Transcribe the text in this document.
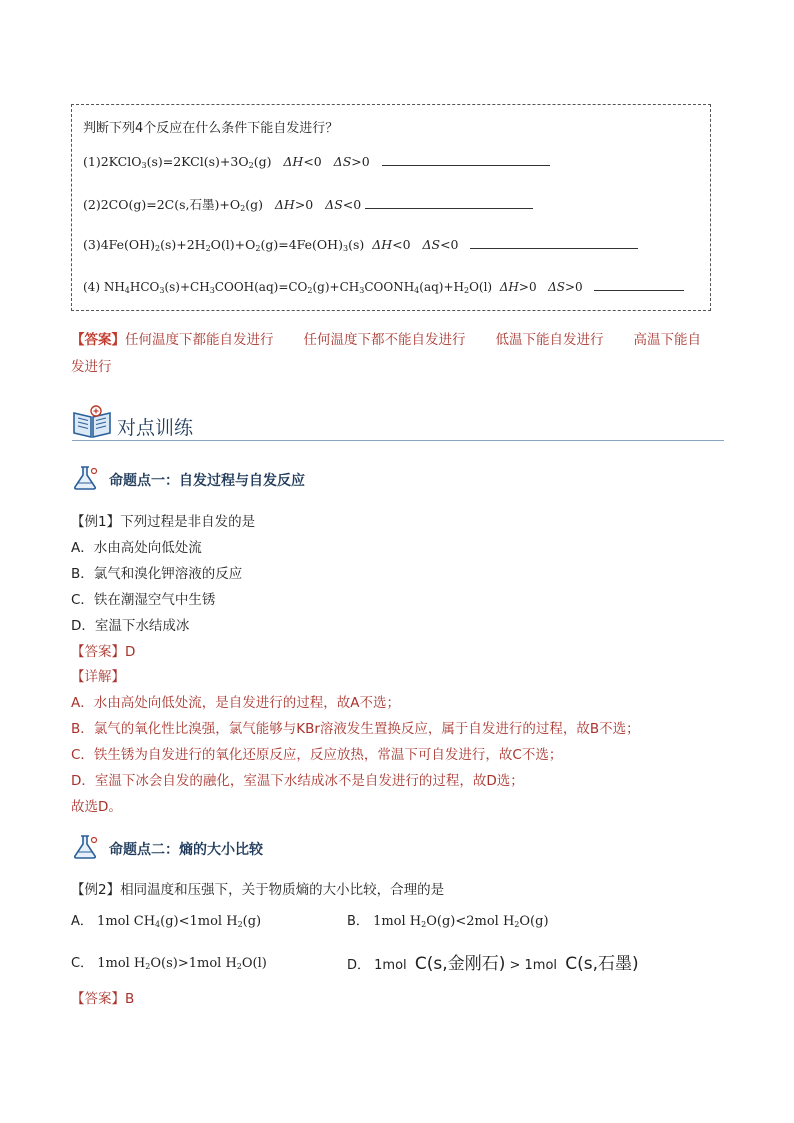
判断下列4个反应在什么条件下能自发进行？
$(1)2KClO_3(s)=2KCl(s)+3O_2(g)$ ΔH<0 ΔS>0
(2)2CO(g)=2C(s,石墨)$+O_2(g)$ ΔH>0 ΔS<0
$(3)4Fe(OH)_2(s)+2H_2O(l)+O_2(g)=4Fe(OH)_3(s)$ ΔH<0 ΔS<0
(4) $NH_4HCO_3(s)+CH_3COOH(aq)=CO_2(g)+CH_3COONH_4(aq)+H_2O(l)$ ΔH>0 ΔS>0
【答案】任何温度下都能自发进行 任何温度下都不能自发进行 低温下能自发进行 高温下能自
发进行
对点训练
命题点一：自发过程与自发反应
【例1】下列过程是非自发的是
A．水由高处向低处流
B．氯气和溴化钾溶液的反应
C．铁在潮湿空气中生锈
D．室温下水结成冰
【答案】D
【详解】
A．水由高处向低处流，是自发进行的过程，故A不选；
B．氯气的氧化性比溴强，氯气能够与KBr溶液发生置换反应，属于自发进行的过程，故B不选；
C．铁生锈为自发进行的氧化还原反应，反应放热，常温下可自发进行，故C不选；
D．室温下冰会自发的融化，室温下水结成冰不是自发进行的过程，故D选；
故选D。
命题点二：熵的大小比较
【例2】相同温度和压强下，关于物质熵的大小比较，合理的是
A． 1mol $CH_4(g)<1mol$ $H_2(g)$	B． 1mol $H_2O(g)<2mol$ $H_2O(g)$
C． 1mol $H_2O(s)>1mol$ $H_2O(l)$	D． 1mol C(s,金刚石) > 1mol C(s,石墨)
【答案】B
